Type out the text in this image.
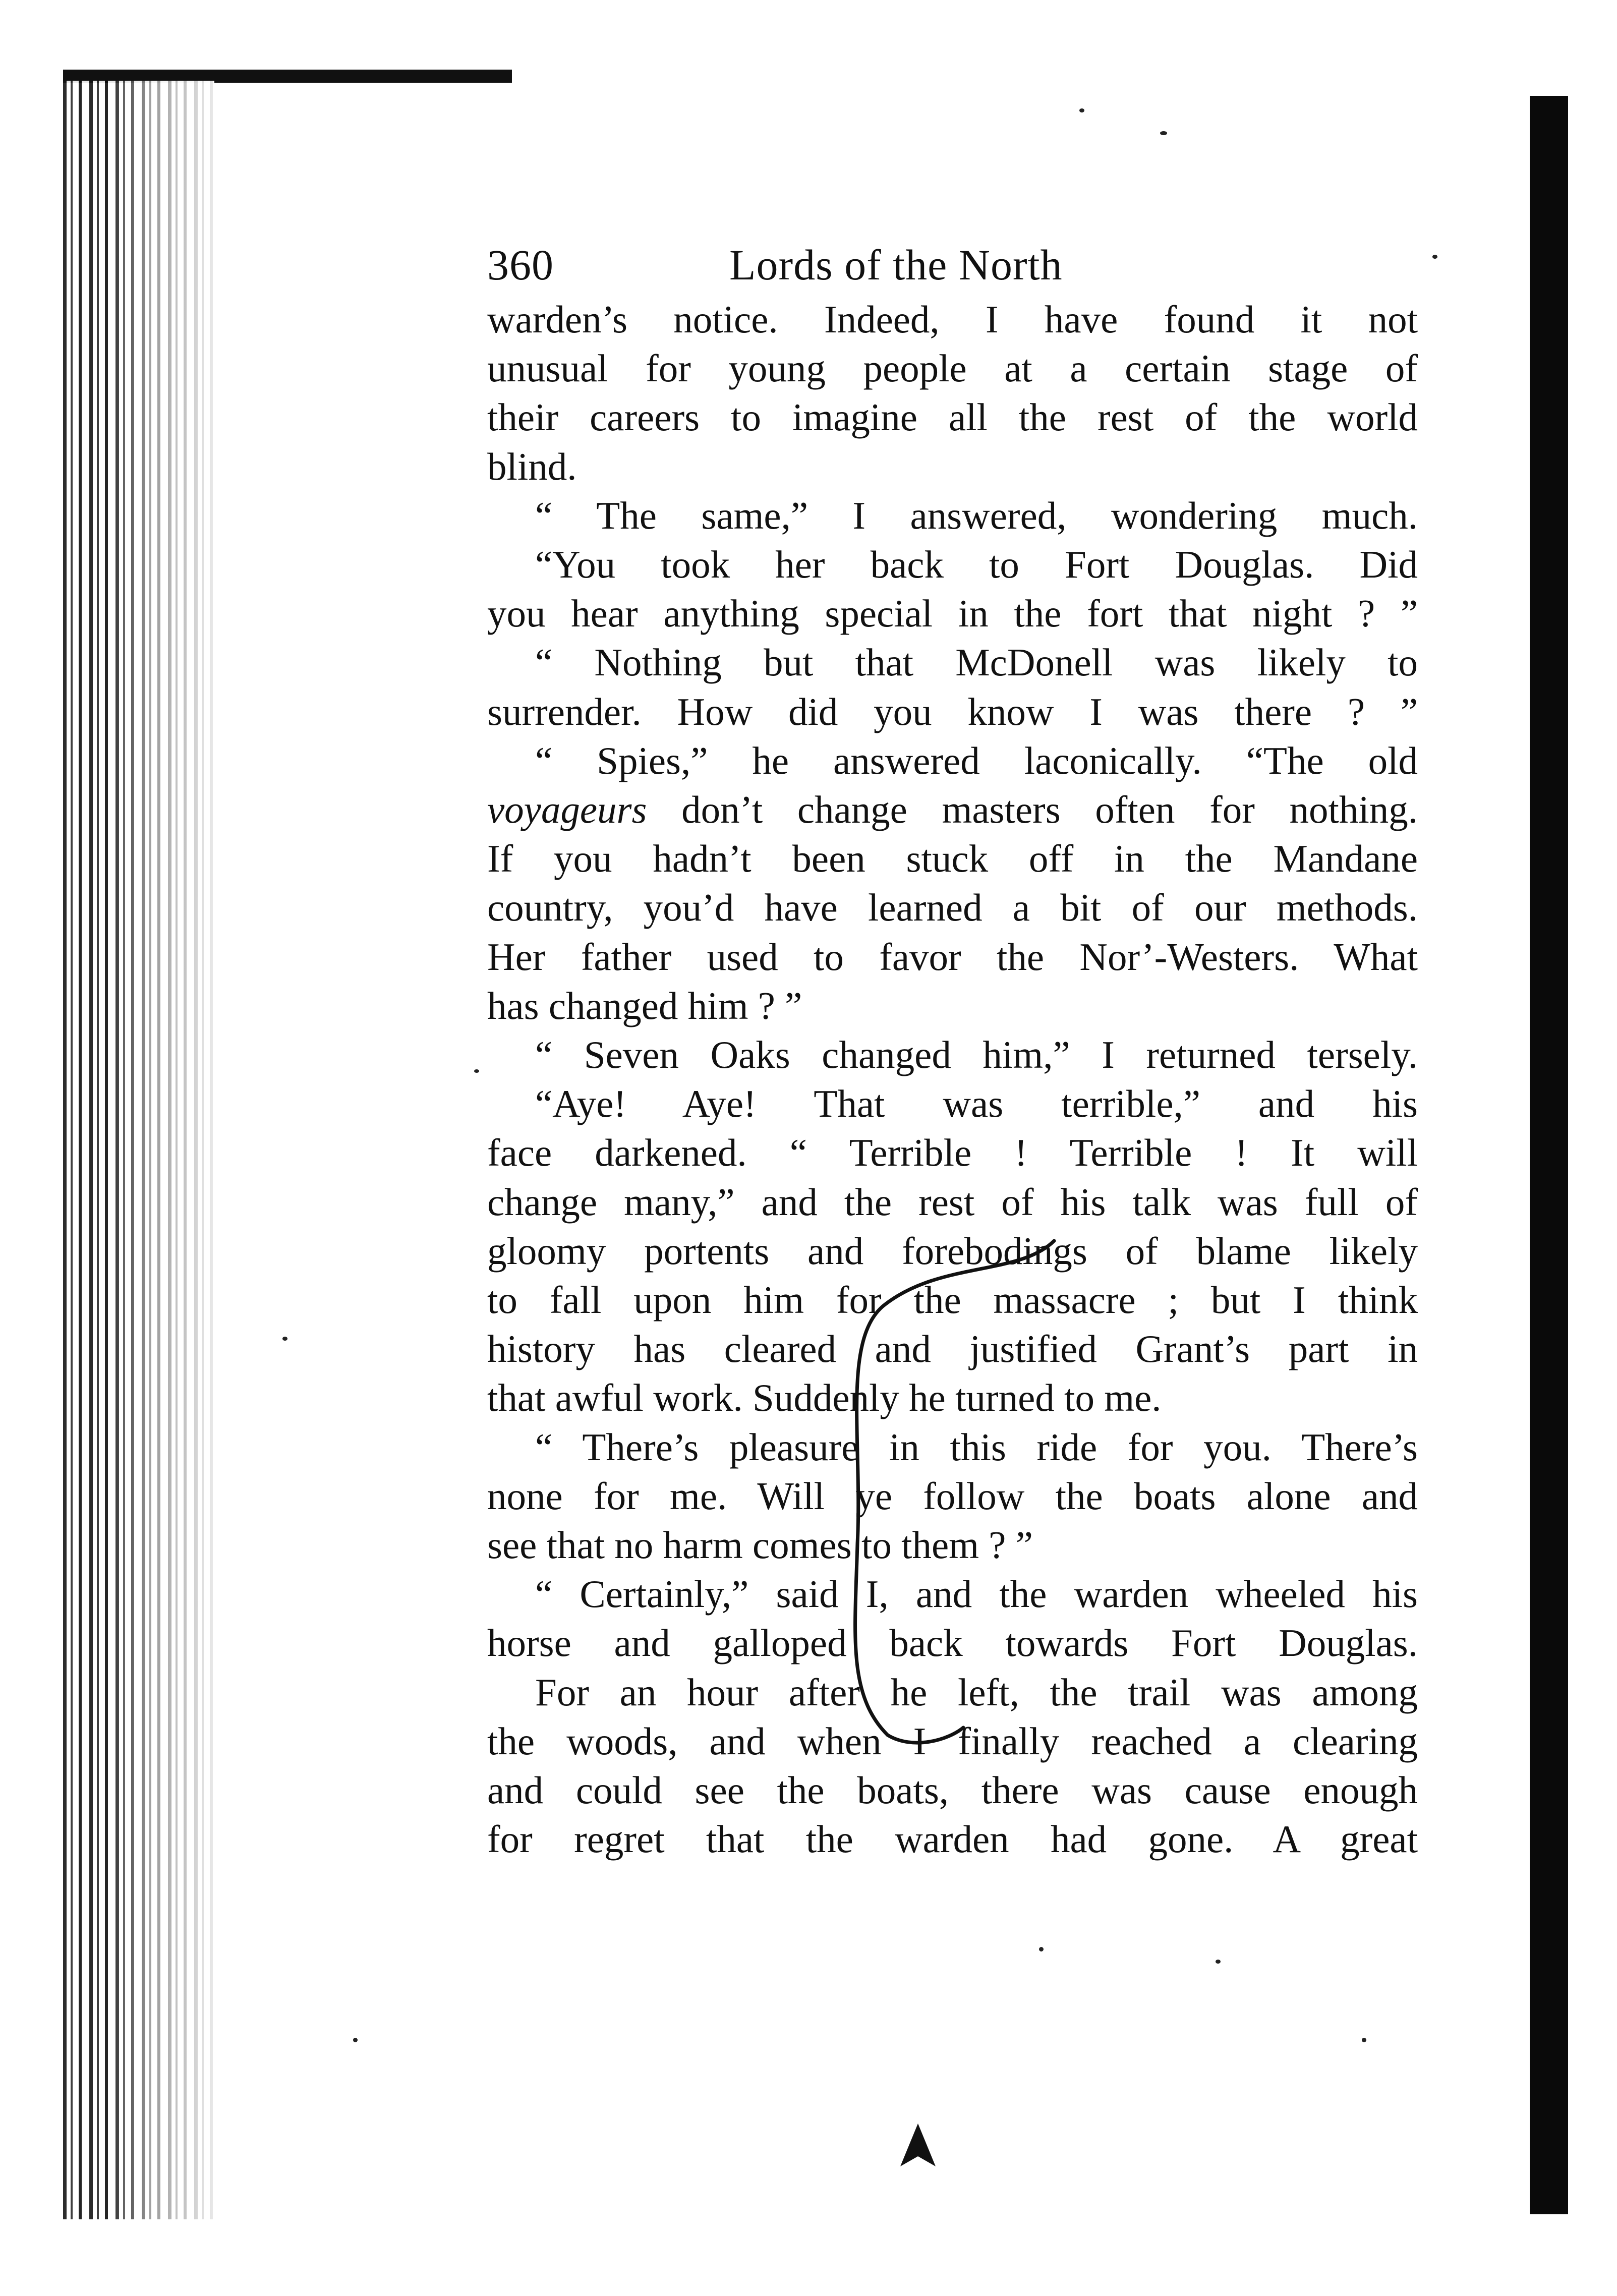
360	Lords of the North

warden’s notice. Indeed, I have found it not

unusual for young people at a certain stage of

their careers to imagine all the rest of the world

blind.

“ The same,” I answered, wondering much.

“You took her back to Fort Douglas. Did

you hear anything special in the fort that night ? ”

“ Nothing but that McDonell was likely to

surrender. How did you know I was there ? ”

“ Spies,” he answered laconically. “The old

voyageurs don’t change masters often for nothing.

If you hadn’t been stuck off in the Mandane

country, you’d have learned a bit of our methods.

Her father used to favor the Nor’-Westers. What

has changed him ? ”

“ Seven Oaks changed him,” I returned tersely.

“Aye! Aye! That was terrible,” and his

face darkened. “ Terrible ! Terrible ! It will

change many,” and the rest of his talk was full of

gloomy portents and forebodings of blame likely

to fall upon him for the massacre ; but I think

history has cleared and justified Grant’s part in

that awful work. Suddenly he turned to me.

“ There’s pleasure in this ride for you. There’s

none for me. Will ye follow the boats alone and

see that no harm comes to them ? ”

“ Certainly,” said I, and the warden wheeled his

horse and galloped back towards Fort Douglas.

For an hour after he left, the trail was among

the woods, and when I finally reached a clearing

and could see the boats, there was cause enough

for regret that the warden had gone. A great
